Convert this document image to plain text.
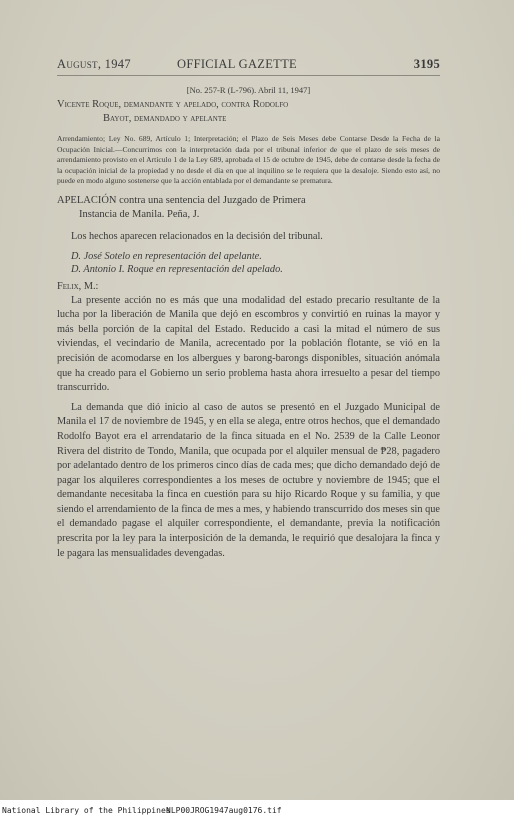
August, 1947	OFFICIAL GAZETTE	3195
[No. 257-R (L-796). Abril 11, 1947]
Vicente Roque, demandante y apelado, contra Rodolfo
Bayot, demandado y apelante
Arrendamiento; Ley No. 689, Artículo 1; Interpretación; el Plazo de Seis Meses debe Contarse Desde la Fecha de la Ocupación Inicial.—Concurrimos con la interpretación dada por el tribunal inferior de que el plazo de seis meses de arrendamiento provisto en el Artículo 1 de la Ley 689, aprobada el 15 de octubre de 1945, debe de contarse desde la fecha de la ocupación inicial de la propiedad y no desde el día en que al inquilino se le requiera que la desaloje. Siendo esto así, no puede en modo alguno sostenerse que la acción entablada por el demandante se prematura.
APELACIÓN contra una sentencia del Juzgado de Primera
Instancia de Manila. Peña, J.

Los hechos aparecen relacionados en la decisión del tribunal.

D. José Sotelo en representación del apelante.
D. Antonio I. Roque en representación del apelado.
Felix, M.:

La presente acción no es más que una modalidad del estado precario resultante de la lucha por la liberación de Manila que dejó en escombros y convirtió en ruinas la mayor y más bella porción de la capital del Estado. Reducido a casi la mitad el número de sus viviendas, el vecindario de Manila, acrecentado por la población flotante, se vió en la precisión de acomodarse en los albergues y barong-barongs disponibles, situación anómala que ha creado para el Gobierno un serio problema hasta ahora irresuelto a pesar del tiempo transcurrido.

La demanda que dió inicio al caso de autos se presentó en el Juzgado Municipal de Manila el 17 de noviembre de 1945, y en ella se alega, entre otros hechos, que el demandado Rodolfo Bayot era el arrendatario de la finca situada en el No. 2539 de la Calle Leonor Rivera del distrito de Tondo, Manila, que ocupada por el alquiler mensual de ₱28, pagadero por adelantado dentro de los primeros cinco días de cada mes; que dicho demandado dejó de pagar los alquileres correspondientes a los meses de octubre y noviembre de 1945; que el demandante necesitaba la finca en cuestión para su hijo Ricardo Roque y su familia, y que siendo el arrendamiento de la finca de mes a mes, y habiendo transcurrido dos meses sin que el demandado pagase el alquiler correspondiente, el demandante, previa la notificación prescrita por la ley para la interposición de la demanda, le requirió que desalojara la finca y le pagara las mensualidades devengadas.

National Library of the Philippines
NLP00JROG1947aug0176.tif
